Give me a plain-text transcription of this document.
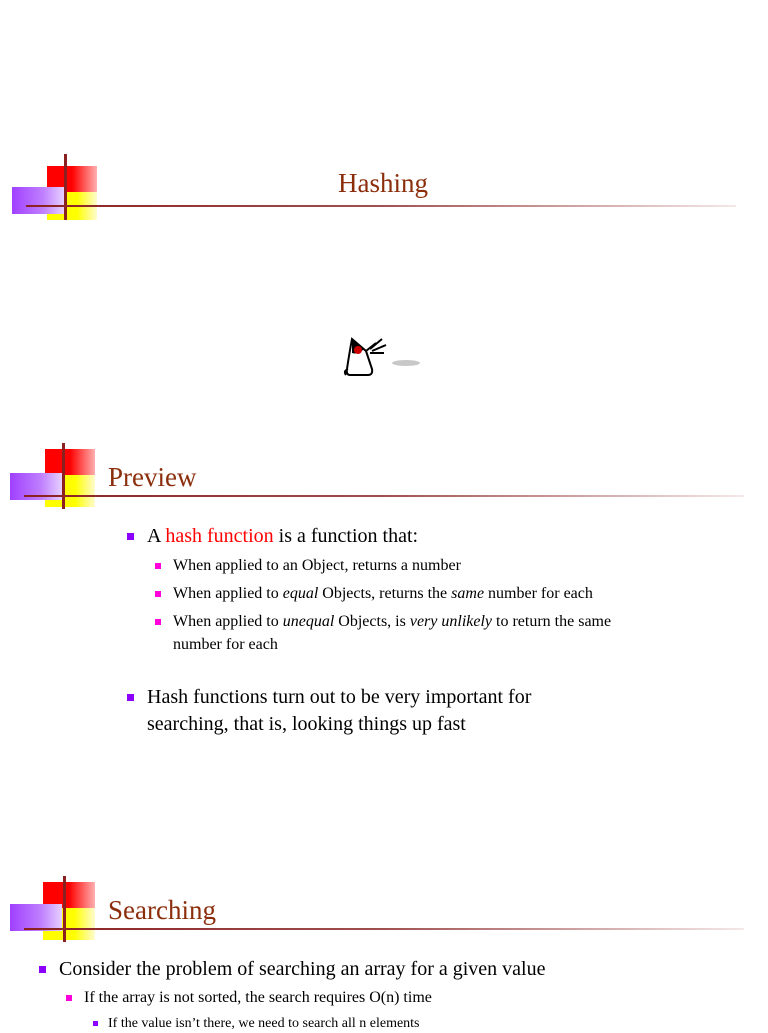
Hashing
Preview
A hash function is a function that:
When applied to an Object, returns a number
When applied to equal Objects, returns the same number for each
When applied to unequal Objects, is very unlikely to return the same number for each
Hash functions turn out to be very important for searching, that is, looking things up fast
Searching
Consider the problem of searching an array for a given value
If the array is not sorted, the search requires O(n) time
If the value isn’t there, we need to search all n elements
